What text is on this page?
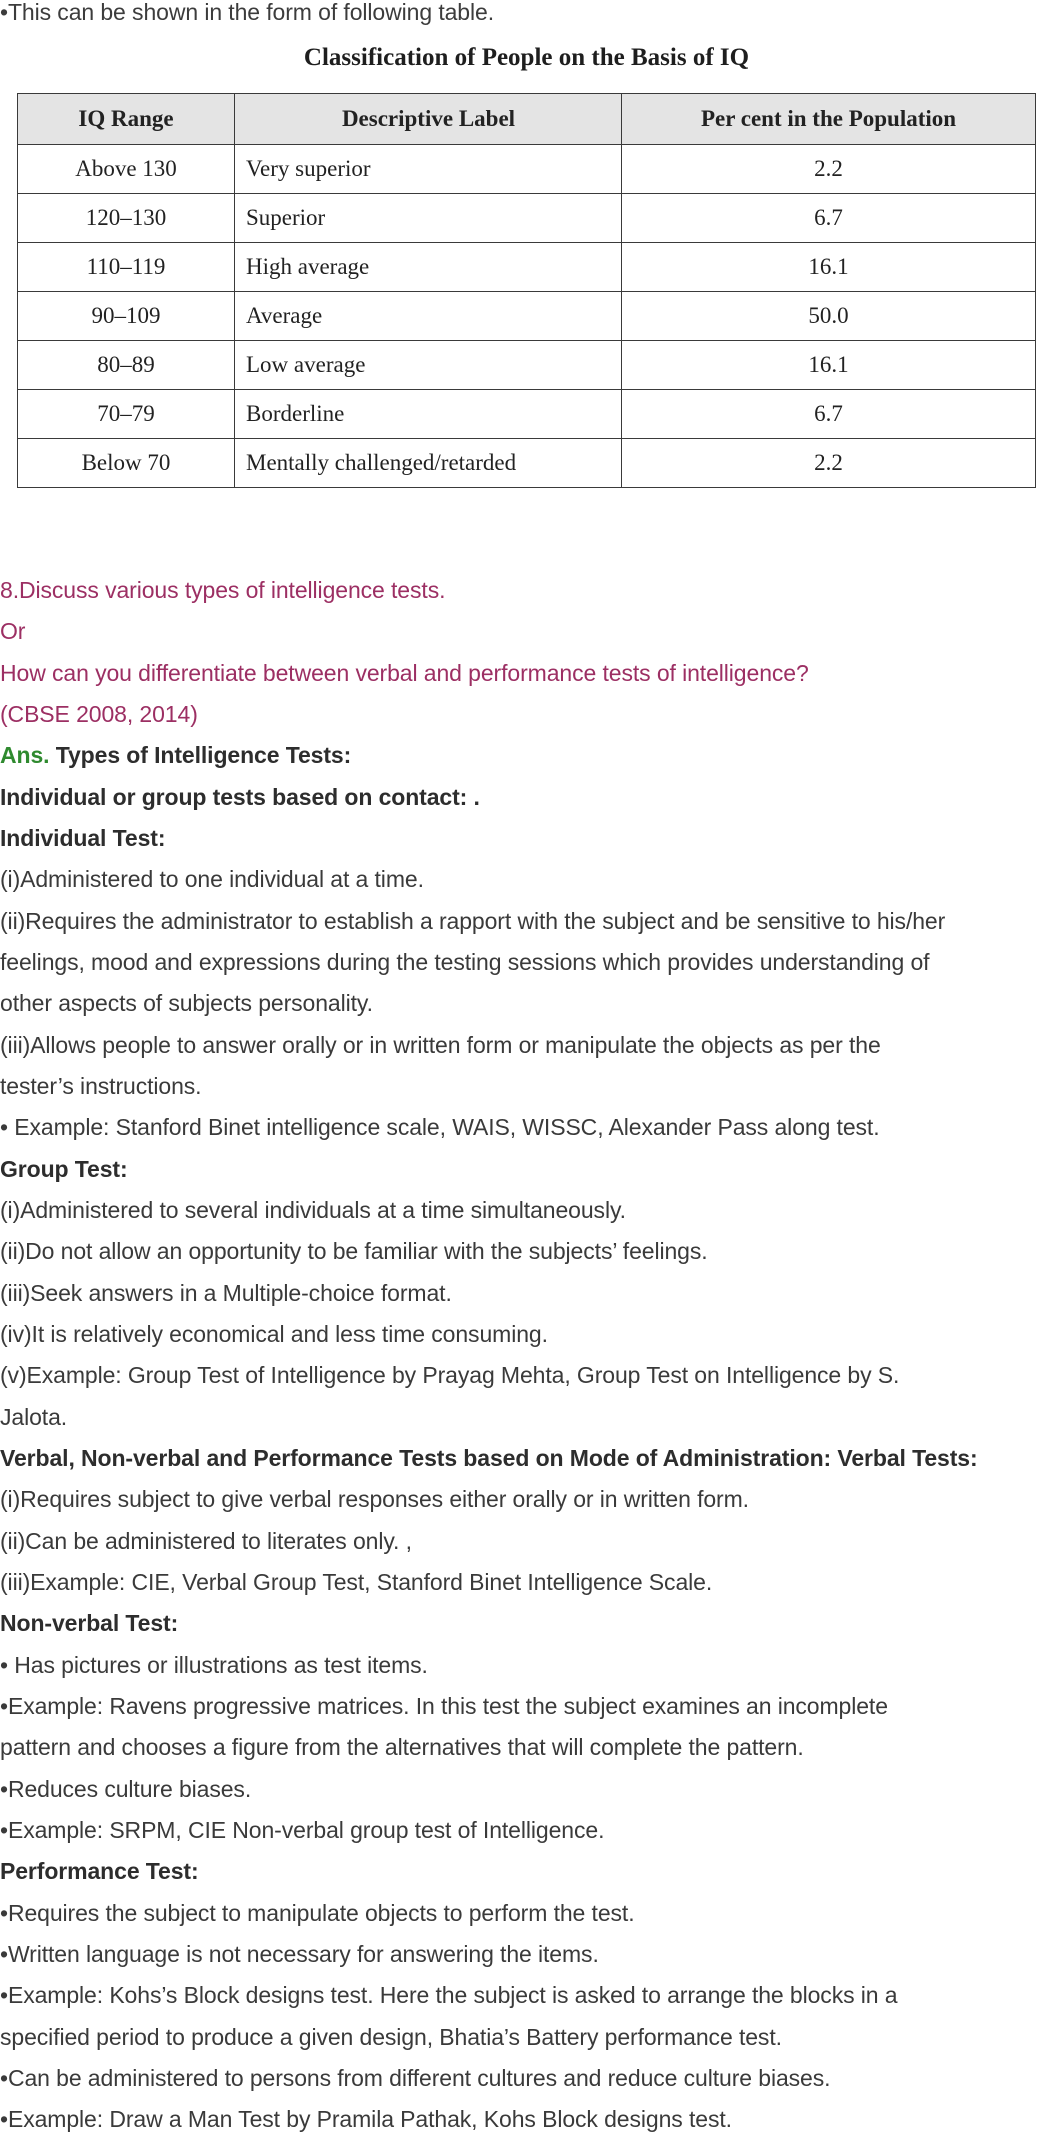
•This can be shown in the form of following table.

Classification of People on the Basis of IQ

IQ Range	Descriptive Label	Per cent in the Population
Above 130	Very superior	2.2
120–130	Superior	6.7
110–119	High average	16.1
90–109	Average	50.0
80–89	Low average	16.1
70–79	Borderline	6.7
Below 70	Mentally challenged/retarded	2.2

8.Discuss various types of intelligence tests.

Or

How can you differentiate between verbal and performance tests of intelligence?

(CBSE 2008, 2014)

Ans. Types of Intelligence Tests:

Individual or group tests based on contact: .

Individual Test:

(i)Administered to one individual at a time.

(ii)Requires the administrator to establish a rapport with the subject and be sensitive to his/her

feelings, mood and expressions during the testing sessions which provides understanding of

other aspects of subjects personality.

(iii)Allows people to answer orally or in written form or manipulate the objects as per the

tester’s instructions.

• Example: Stanford Binet intelligence scale, WAIS, WISSC, Alexander Pass along test.

Group Test:

(i)Administered to several individuals at a time simultaneously.

(ii)Do not allow an opportunity to be familiar with the subjects’ feelings.

(iii)Seek answers in a Multiple-choice format.

(iv)It is relatively economical and less time consuming.

(v)Example: Group Test of Intelligence by Prayag Mehta, Group Test on Intelligence by S.

Jalota.

Verbal, Non-verbal and Performance Tests based on Mode of Administration: Verbal Tests:

(i)Requires subject to give verbal responses either orally or in written form.

(ii)Can be administered to literates only. ,

(iii)Example: CIE, Verbal Group Test, Stanford Binet Intelligence Scale.

Non-verbal Test:

• Has pictures or illustrations as test items.

•Example: Ravens progressive matrices. In this test the subject examines an incomplete

pattern and chooses a figure from the alternatives that will complete the pattern.

•Reduces culture biases.

•Example: SRPM, CIE Non-verbal group test of Intelligence.

Performance Test:

•Requires the subject to manipulate objects to perform the test.

•Written language is not necessary for answering the items.

•Example: Kohs’s Block designs test. Here the subject is asked to arrange the blocks in a

specified period to produce a given design, Bhatia’s Battery performance test.

•Can be administered to persons from different cultures and reduce culture biases.

•Example: Draw a Man Test by Pramila Pathak, Kohs Block designs test.
